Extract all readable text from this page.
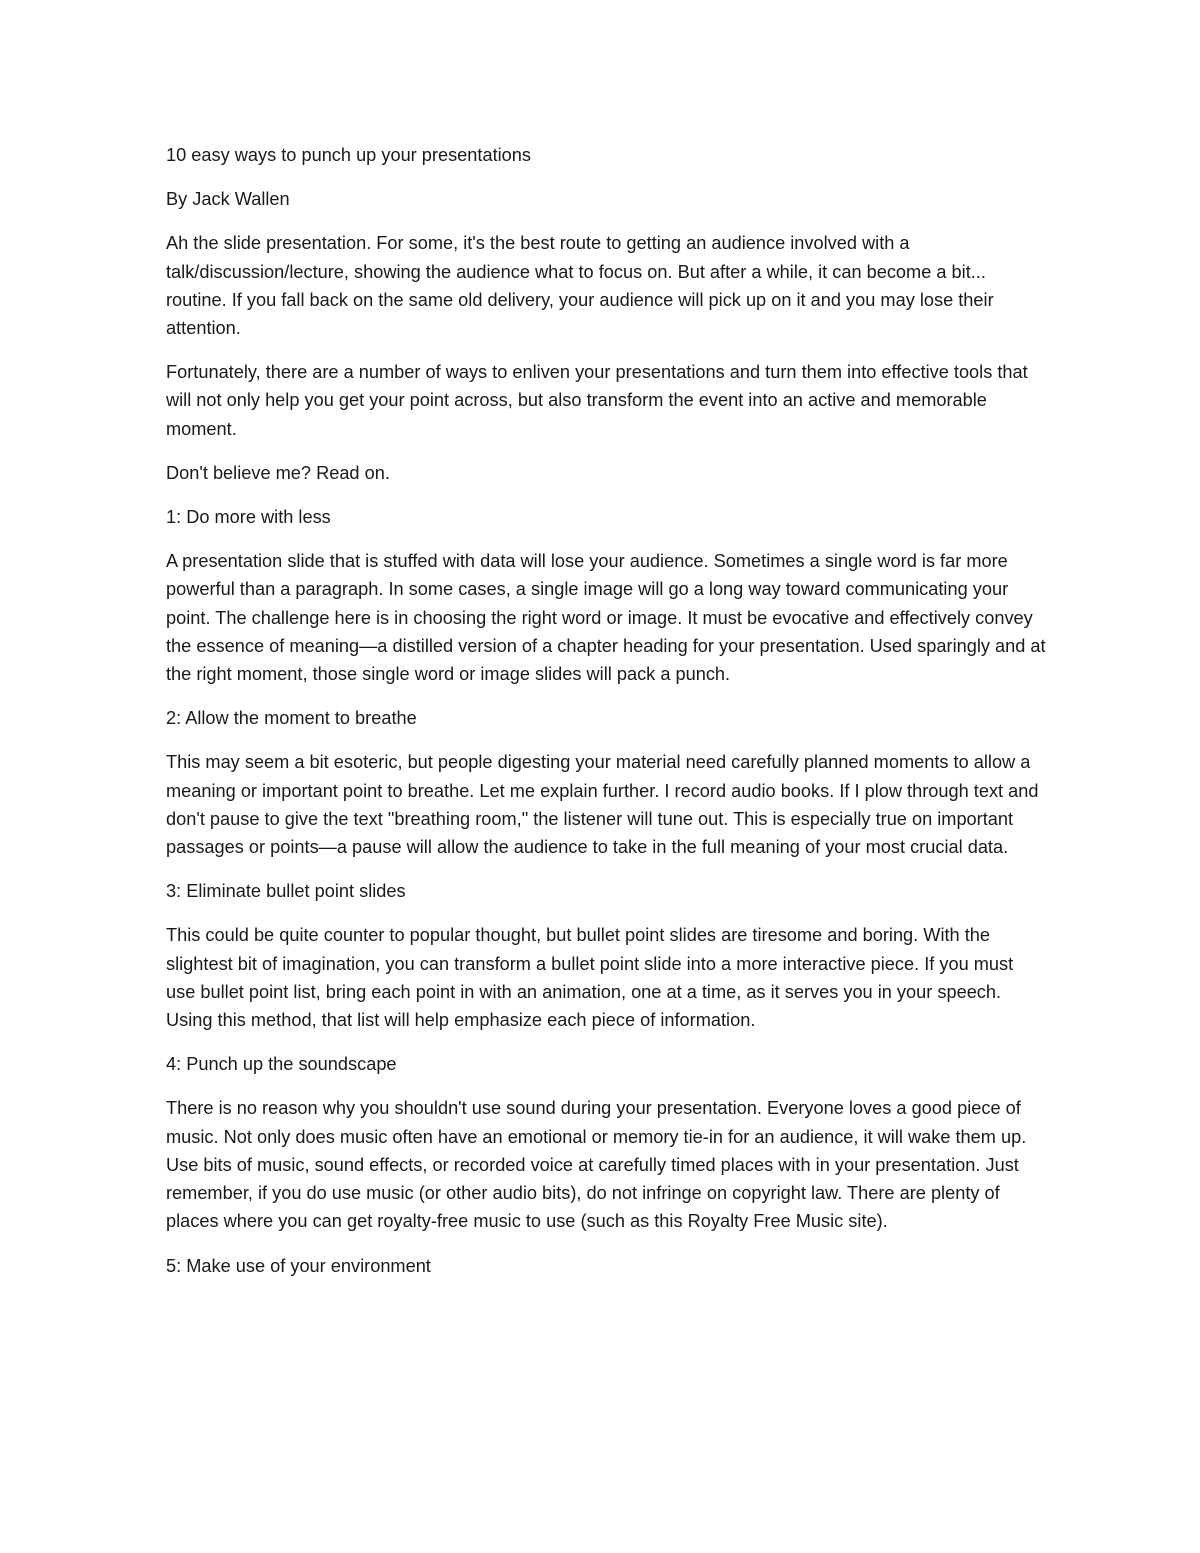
10 easy ways to punch up your presentations

By Jack Wallen

Ah the slide presentation. For some, it's the best route to getting an audience involved with a talk/discussion/lecture, showing the audience what to focus on. But after a while, it can become a bit... routine. If you fall back on the same old delivery, your audience will pick up on it and you may lose their attention.

Fortunately, there are a number of ways to enliven your presentations and turn them into effective tools that will not only help you get your point across, but also transform the event into an active and memorable moment.

Don't believe me? Read on.

1: Do more with less

A presentation slide that is stuffed with data will lose your audience. Sometimes a single word is far more powerful than a paragraph. In some cases, a single image will go a long way toward communicating your point. The challenge here is in choosing the right word or image. It must be evocative and effectively convey the essence of meaning—a distilled version of a chapter heading for your presentation. Used sparingly and at the right moment, those single word or image slides will pack a punch.

2: Allow the moment to breathe

This may seem a bit esoteric, but people digesting your material need carefully planned moments to allow a meaning or important point to breathe. Let me explain further. I record audio books. If I plow through text and don't pause to give the text "breathing room," the listener will tune out. This is especially true on important passages or points—a pause will allow the audience to take in the full meaning of your most crucial data.

3: Eliminate bullet point slides

This could be quite counter to popular thought, but bullet point slides are tiresome and boring. With the slightest bit of imagination, you can transform a bullet point slide into a more interactive piece. If you must use bullet point list, bring each point in with an animation, one at a time, as it serves you in your speech. Using this method, that list will help emphasize each piece of information.

4: Punch up the soundscape

There is no reason why you shouldn't use sound during your presentation. Everyone loves a good piece of music. Not only does music often have an emotional or memory tie-in for an audience, it will wake them up. Use bits of music, sound effects, or recorded voice at carefully timed places with in your presentation. Just remember, if you do use music (or other audio bits), do not infringe on copyright law. There are plenty of places where you can get royalty-free music to use (such as this Royalty Free Music site).

5: Make use of your environment
